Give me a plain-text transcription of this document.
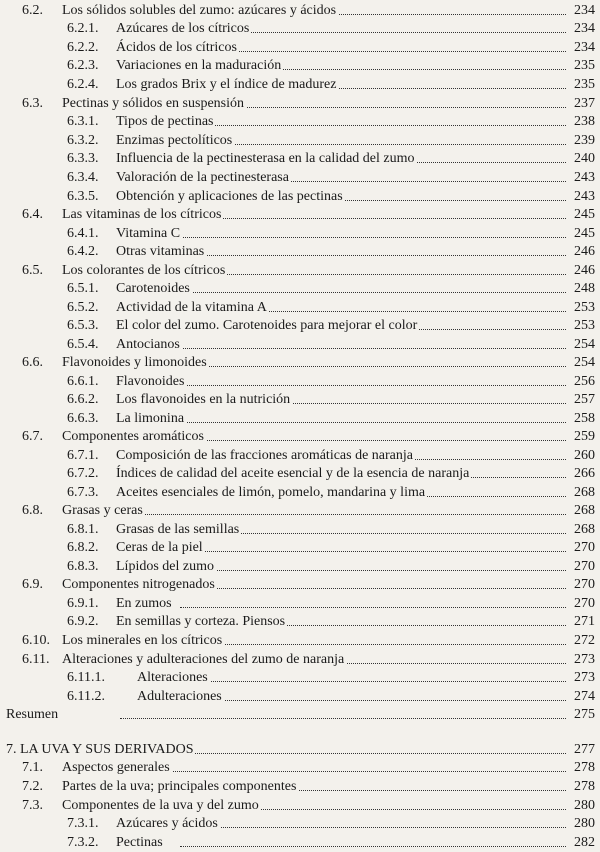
6.2. Los sólidos solubles del zumo: azúcares y ácidos	234
6.2.1. Azúcares de los cítricos	234
6.2.2. Ácidos de los cítricos	234
6.2.3. Variaciones en la maduración	235
6.2.4. Los grados Brix y el índice de madurez	235
6.3. Pectinas y sólidos en suspensión	237
6.3.1. Tipos de pectinas	238
6.3.2. Enzimas pectolíticos	239
6.3.3. Influencia de la pectinesterasa en la calidad del zumo	240
6.3.4. Valoración de la pectinesterasa	243
6.3.5. Obtención y aplicaciones de las pectinas	243
6.4. Las vitaminas de los cítricos	245
6.4.1. Vitamina C	245
6.4.2. Otras vitaminas	246
6.5. Los colorantes de los cítricos	246
6.5.1. Carotenoides	248
6.5.2. Actividad de la vitamina A	253
6.5.3. El color del zumo. Carotenoides para mejorar el color	253
6.5.4. Antocianos	254
6.6. Flavonoides y limonoides	254
6.6.1. Flavonoides	256
6.6.2. Los flavonoides en la nutrición	257
6.6.3. La limonina	258
6.7. Componentes aromáticos	259
6.7.1. Composición de las fracciones aromáticas de naranja	260
6.7.2. Índices de calidad del aceite esencial y de la esencia de naranja	266
6.7.3. Aceites esenciales de limón, pomelo, mandarina y lima	268
6.8. Grasas y ceras	268
6.8.1. Grasas de las semillas	268
6.8.2. Ceras de la piel	270
6.8.3. Lípidos del zumo	270
6.9. Componentes nitrogenados	270
6.9.1. En zumos	270
6.9.2. En semillas y corteza. Piensos	271
6.10. Los minerales en los cítricos	272
6.11. Alteraciones y adulteraciones del zumo de naranja	273
6.11.1. Alteraciones	273
6.11.2. Adulteraciones	274
Resumen	275
7. LA UVA Y SUS DERIVADOS	277
7.1. Aspectos generales	278
7.2. Partes de la uva; principales componentes	278
7.3. Componentes de la uva y del zumo	280
7.3.1. Azúcares y ácidos	280
7.3.2. Pectinas	282
